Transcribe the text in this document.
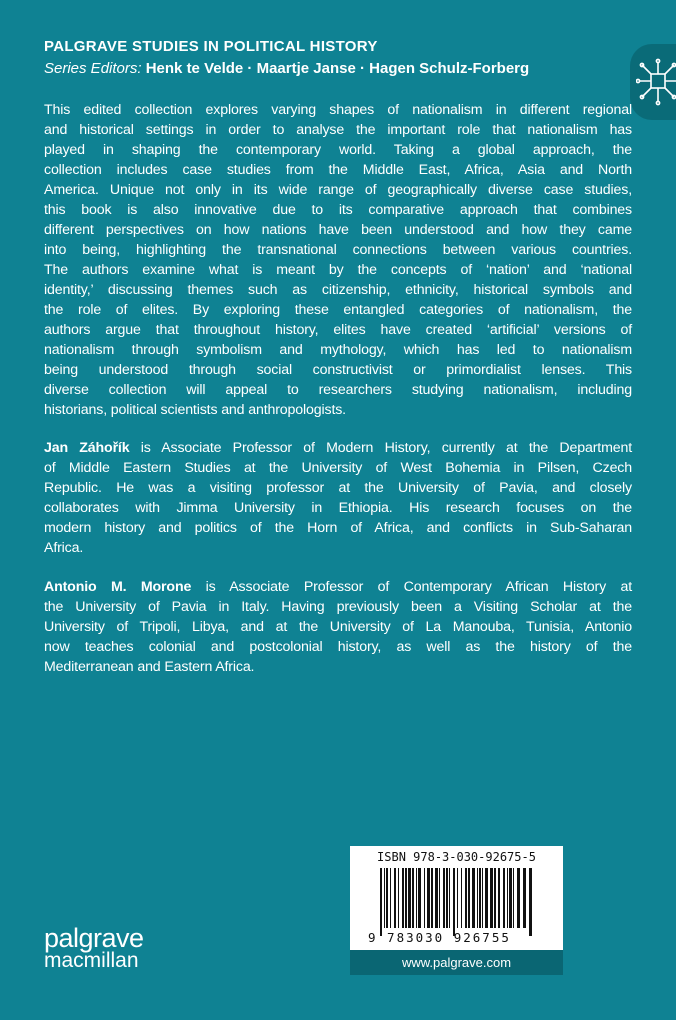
PALGRAVE STUDIES IN POLITICAL HISTORY
Series Editors: Henk te Velde · Maartje Janse · Hagen Schulz-Forberg
This edited collection explores varying shapes of nationalism in different regional
and historical settings in order to analyse the important role that nationalism has
played in shaping the contemporary world. Taking a global approach, the
collection includes case studies from the Middle East, Africa, Asia and North
America. Unique not only in its wide range of geographically diverse case studies,
this book is also innovative due to its comparative approach that combines
different perspectives on how nations have been understood and how they came
into being, highlighting the transnational connections between various countries.
The authors examine what is meant by the concepts of ‘nation’ and ‘national
identity,’ discussing themes such as citizenship, ethnicity, historical symbols and
the role of elites. By exploring these entangled categories of nationalism, the
authors argue that throughout history, elites have created ‘artificial’ versions of
nationalism through symbolism and mythology, which has led to nationalism
being understood through social constructivist or primordialist lenses. This
diverse collection will appeal to researchers studying nationalism, including
historians, political scientists and anthropologists.
Jan Záhořík is Associate Professor of Modern History, currently at the Department
of Middle Eastern Studies at the University of West Bohemia in Pilsen, Czech
Republic. He was a visiting professor at the University of Pavia, and closely
collaborates with Jimma University in Ethiopia. His research focuses on the
modern history and politics of the Horn of Africa, and conflicts in Sub-Saharan
Africa.
Antonio M. Morone is Associate Professor of Contemporary African History at
the University of Pavia in Italy. Having previously been a Visiting Scholar at the
University of Tripoli, Libya, and at the University of La Manouba, Tunisia, Antonio
now teaches colonial and postcolonial history, as well as the history of the
Mediterranean and Eastern Africa.
palgrave
macmillan
ISBN 978-3-030-92675-5
9 783030 926755
www.palgrave.com
